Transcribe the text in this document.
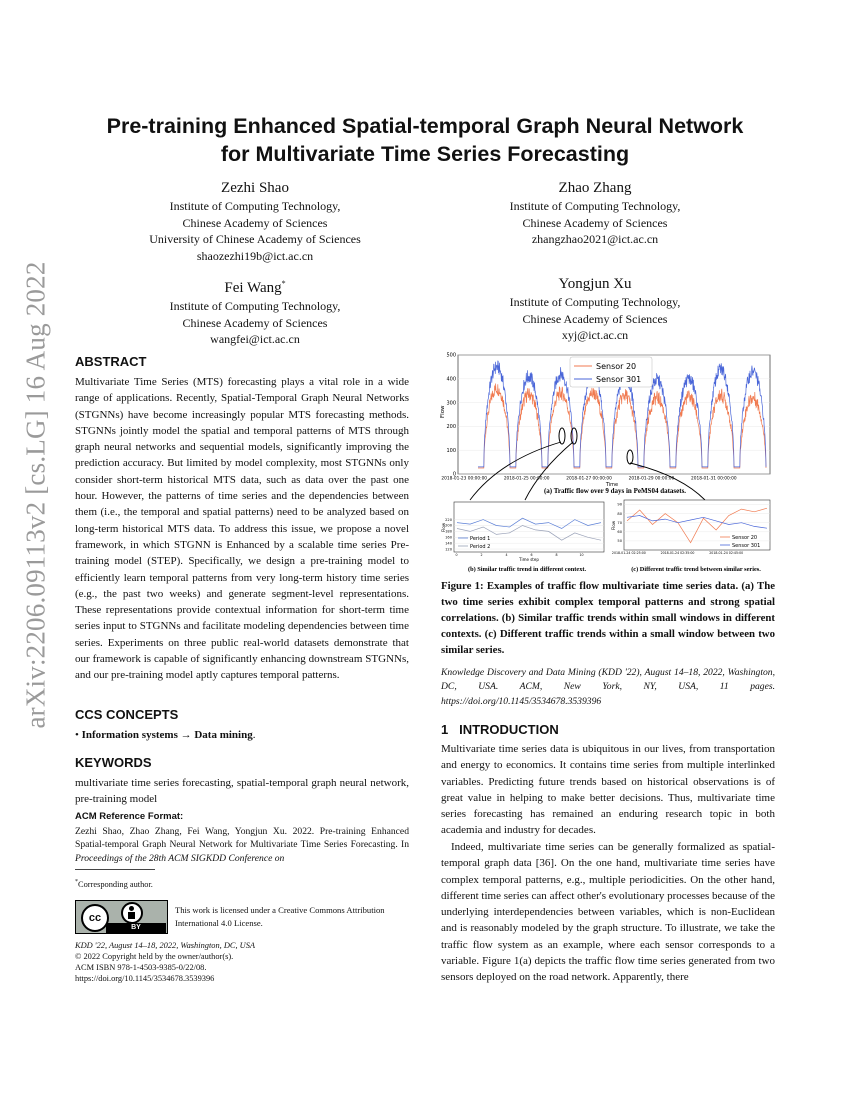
arXiv:2206.09113v2 [cs.LG] 16 Aug 2022
Pre-training Enhanced Spatial-temporal Graph Neural Network
for Multivariate Time Series Forecasting
Zezhi Shao
Institute of Computing Technology,
Chinese Academy of Sciences
University of Chinese Academy of Sciences
shaozezhi19b@ict.ac.cn
Zhao Zhang
Institute of Computing Technology,
Chinese Academy of Sciences
zhangzhao2021@ict.ac.cn
Fei Wang*
Institute of Computing Technology,
Chinese Academy of Sciences
wangfei@ict.ac.cn
Yongjun Xu
Institute of Computing Technology,
Chinese Academy of Sciences
xyj@ict.ac.cn
ABSTRACT
Multivariate Time Series (MTS) forecasting plays a vital role in a wide range of applications. Recently, Spatial-Temporal Graph Neural Networks (STGNNs) have become increasingly popular MTS forecasting methods. STGNNs jointly model the spatial and temporal patterns of MTS through graph neural networks and sequential models, significantly improving the prediction accuracy. But limited by model complexity, most STGNNs only consider short-term historical MTS data, such as data over the past one hour. However, the patterns of time series and the dependencies between them (i.e., the temporal and spatial patterns) need to be analyzed based on long-term historical MTS data. To address this issue, we propose a novel framework, in which STGNN is Enhanced by a scalable time series Pre-training model (STEP). Specifically, we design a pre-training model to efficiently learn temporal patterns from very long-term history time series (e.g., the past two weeks) and generate segment-level representations. These representations provide contextual information for short-term time series input to STGNNs and facilitate modeling dependencies between time series. Experiments on three public real-world datasets demonstrate that our framework is capable of significantly enhancing downstream STGNNs, and our pre-training model aptly captures temporal patterns.
CCS CONCEPTS
• Information systems → Data mining.
KEYWORDS
multivariate time series forecasting, spatial-temporal graph neural network, pre-training model
ACM Reference Format:
Zezhi Shao, Zhao Zhang, Fei Wang, Yongjun Xu. 2022. Pre-training Enhanced Spatial-temporal Graph Neural Network for Multivariate Time Series Forecasting. In Proceedings of the 28th ACM SIGKDD Conference on
*Corresponding author.
cc
BY
This work is licensed under a Creative Commons Attribution International 4.0 License.
KDD '22, August 14–18, 2022, Washington, DC, USA
© 2022 Copyright held by the owner/author(s).
ACM ISBN 978-1-4503-9385-0/22/08.
https://doi.org/10.1145/3534678.3539396
0
100
200
300
400
500
2018-01-23 00:00:00	2018-01-25 00:00:00	2018-01-27 00:00:00	2018-01-29 00:00:00	2018-01-31 00:00:00
Flow
Time
Sensor 20
Sensor 301
(a) Traffic flow over 9 days in PeMS04 datasets.
120
140
160
180
200
220
0	2	4	6	8	10
Flow
Time step
Period 1
Period 2
(b) Similar traffic trend in different context.
50
60
70
80
90
2018-01-24 02:25:00	2018-01-24 02:35:00	2018-01-24 02:45:00
Flow
Sensor 20
Sensor 301
(c) Different traffic trend between similar series.
Figure 1: Examples of traffic flow multivariate time series data. (a) The two time series exhibit complex temporal patterns and strong spatial correlations. (b) Similar traffic trends within small windows in different contexts. (c) Different traffic trends within a small window between two similar series.
Knowledge Discovery and Data Mining (KDD '22), August 14–18, 2022, Washington, DC, USA. ACM, New York, NY, USA, 11 pages. https://doi.org/10.1145/3534678.3539396
1 INTRODUCTION
Multivariate time series data is ubiquitous in our lives, from transportation and energy to economics. It contains time series from multiple interlinked variables. Predicting future trends based on historical observations is of great value in helping to make better decisions. Thus, multivariate time series forecasting has remained an enduring research topic in both academia and industry for decades.
Indeed, multivariate time series can be generally formalized as spatial-temporal graph data [36]. On the one hand, multivariate time series have complex temporal patterns, e.g., multiple periodicities. On the other hand, different time series can affect other's evolutionary processes because of the underlying interdependencies between variables, which is non-Euclidean and is reasonably modeled by the graph structure. To illustrate, we take the traffic flow system as an example, where each sensor corresponds to a variable. Figure 1(a) depicts the traffic flow time series generated from two sensors deployed on the road network. Apparently, there
